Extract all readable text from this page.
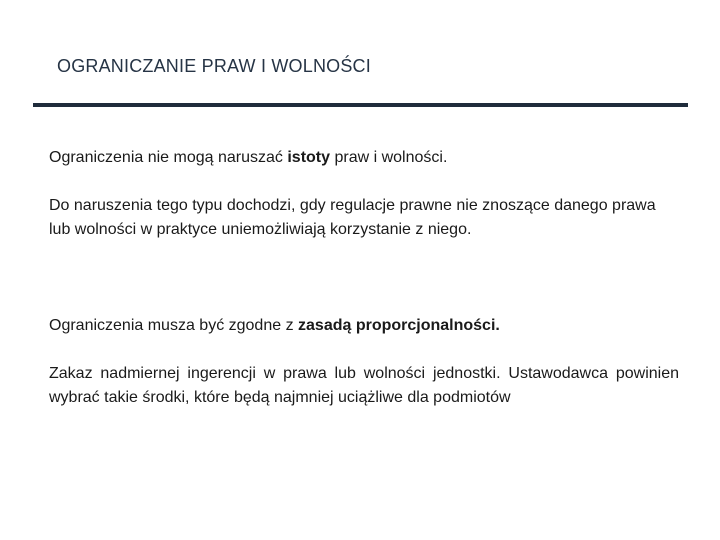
OGRANICZANIE PRAW I WOLNOŚCI
Ograniczenia nie mogą naruszać istoty praw i wolności.
Do naruszenia tego typu dochodzi, gdy regulacje prawne nie znoszące danego prawa lub wolności w praktyce uniemożliwiają korzystanie z niego.
Ograniczenia musza być zgodne z zasadą proporcjonalności.
Zakaz nadmiernej ingerencji w prawa lub wolności jednostki. Ustawodawca powinien wybrać takie środki, które będą najmniej uciążliwe dla podmiotów
